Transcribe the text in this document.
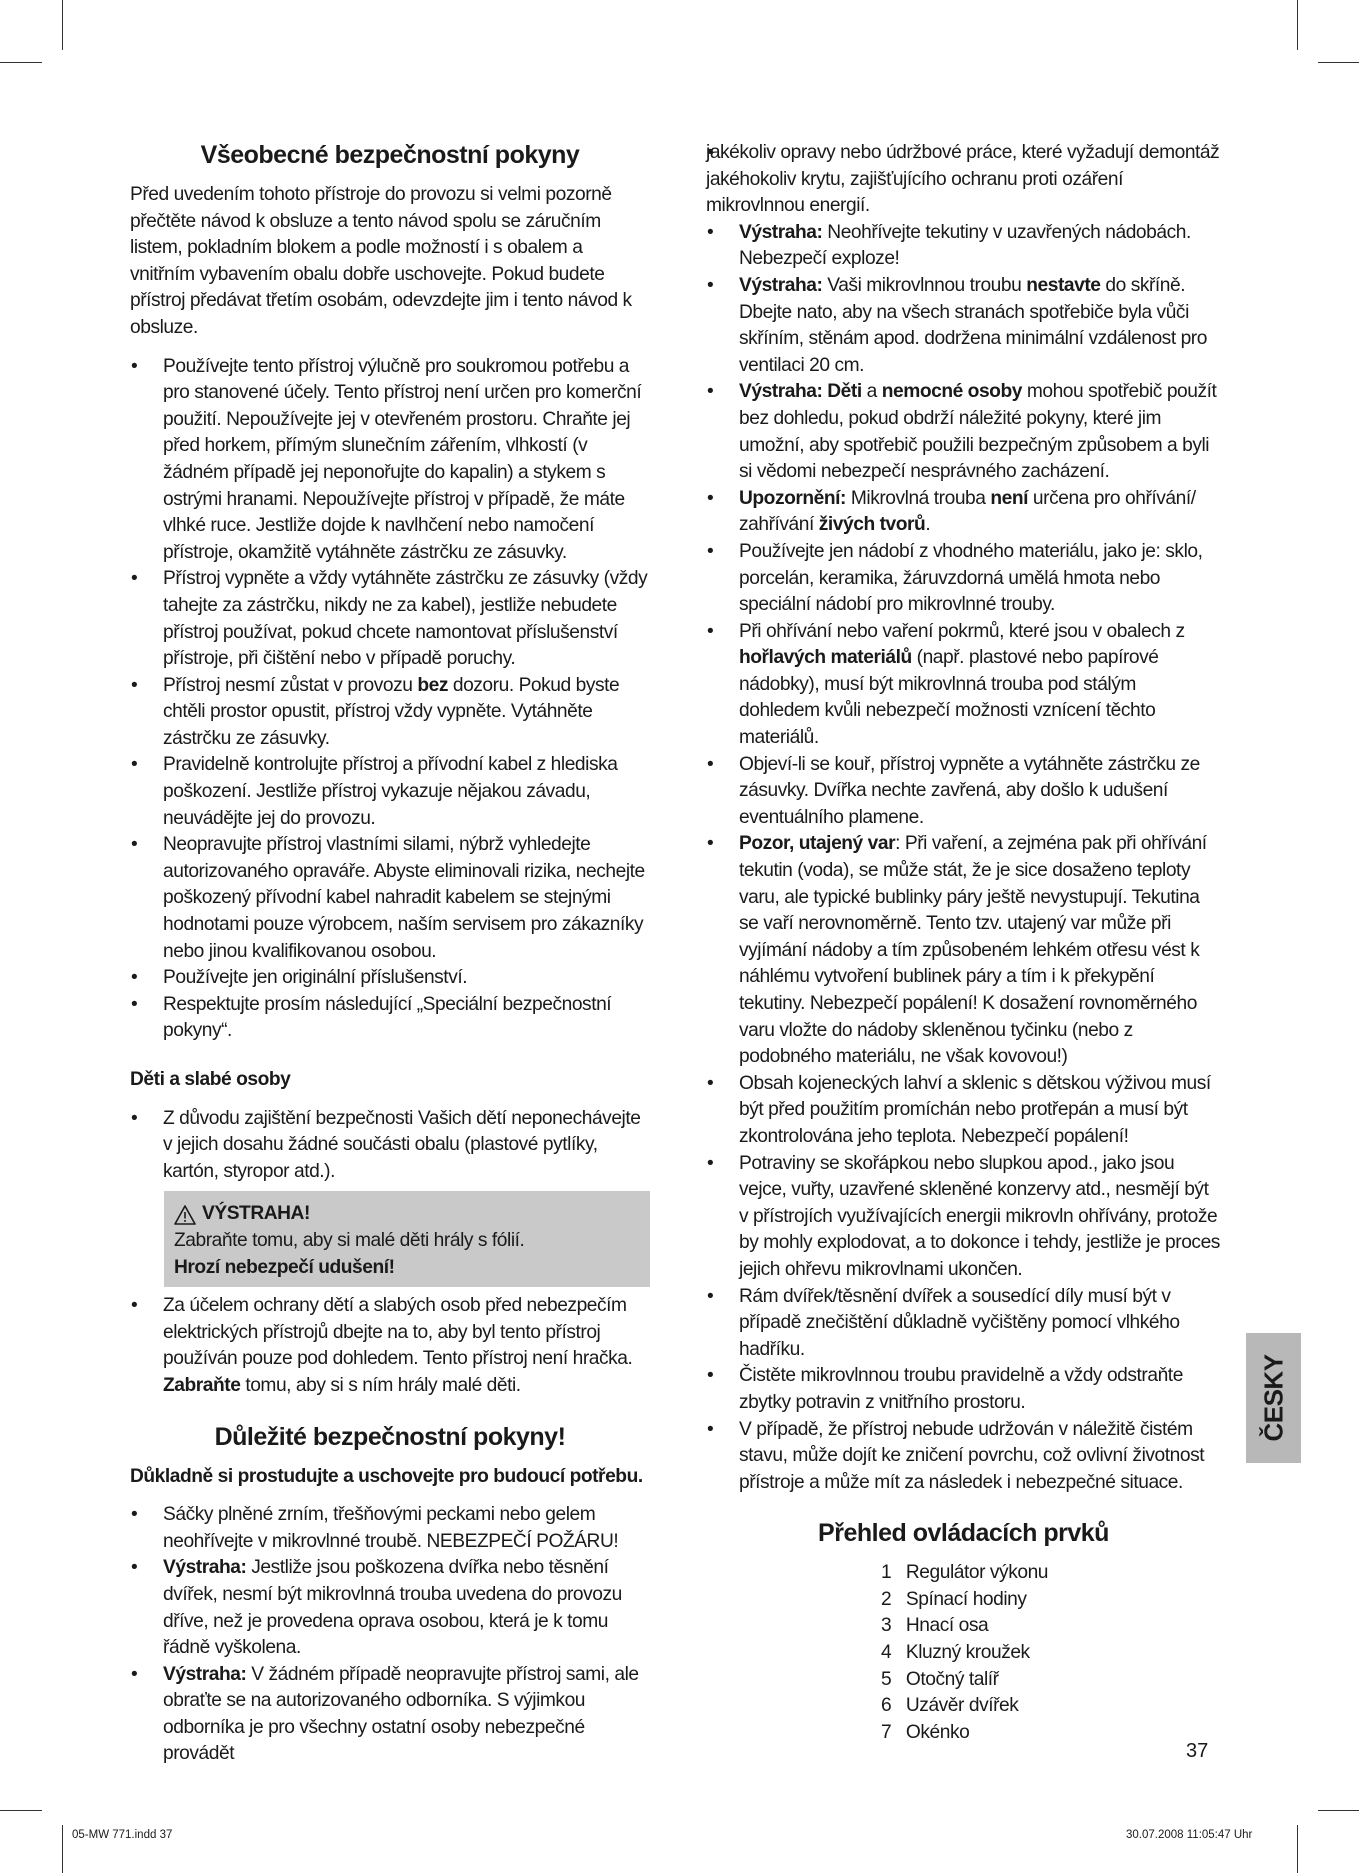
Všeobecné bezpečnostní pokyny

Před uvedením tohoto přístroje do provozu si velmi pozorně přečtěte návod k obsluze a tento návod spolu se záručním listem, pokladním blokem a podle možností i s obalem a vnitřním vybavením obalu dobře uschovejte. Pokud budete přístroj předávat třetím osobám, odevzdejte jim i tento návod k obsluze.

• Používejte tento přístroj výlučně pro soukromou potřebu a pro stanovené účely. Tento přístroj není určen pro komerční použití. Nepoužívejte jej v otevřeném prostoru. Chraňte jej před horkem, přímým slunečním zářením, vlhkostí (v žádném případě jej neponořujte do kapalin) a stykem s ostrými hranami. Nepoužívejte přístroj v případě, že máte vlhké ruce. Jestliže dojde k navlhčení nebo namočení přístroje, okamžitě vytáhněte zástrčku ze zásuvky.
• Přístroj vypněte a vždy vytáhněte zástrčku ze zásuvky (vždy tahejte za zástrčku, nikdy ne za kabel), jestliže nebudete přístroj používat, pokud chcete namontovat příslušenství přístroje, při čištění nebo v případě poruchy.
• Přístroj nesmí zůstat v provozu bez dozoru. Pokud byste chtěli prostor opustit, přístroj vždy vypněte. Vytáhněte zástrčku ze zásuvky.
• Pravidelně kontrolujte přístroj a přívodní kabel z hlediska poškození. Jestliže přístroj vykazuje nějakou závadu, neuvádějte jej do provozu.
• Neopravujte přístroj vlastními silami, nýbrž vyhledejte autorizovaného opraváře. Abyste eliminovali rizika, nechejte poškozený přívodní kabel nahradit kabelem se stejnými hodnotami pouze výrobcem, naším servisem pro zákazníky nebo jinou kvalifikovanou osobou.
• Používejte jen originální příslušenství.
• Respektujte prosím následující „Speciální bezpečnostní pokyny“.
Děti a slabé osoby
• Z důvodu zajištění bezpečnosti Vašich dětí neponechávejte v jejich dosahu žádné součásti obalu (plastové pytlíky, kartón, styropor atd.).
VÝSTRAHA!
Zabraňte tomu, aby si malé děti hrály s fólií.
Hrozí nebezpečí udušení!
• Za účelem ochrany dětí a slabých osob před nebezpečím elektrických přístrojů dbejte na to, aby byl tento přístroj používán pouze pod dohledem. Tento přístroj není hračka. Zabraňte tomu, aby si s ním hrály malé děti.
Důležité bezpečnostní pokyny!
Důkladně si prostudujte a uschovejte pro budoucí potřebu.
• Sáčky plněné zrním, třešňovými peckami nebo gelem neohřívejte v mikrovlnné troubě. NEBEZPEČÍ POŽÁRU!
• Výstraha: Jestliže jsou poškozena dvířka nebo těsnění dvířek, nesmí být mikrovlnná trouba uvedena do provozu dříve, než je provedena oprava osobou, která je k tomu řádně vyškolena.
• Výstraha: V žádném případě neopravujte přístroj sami, ale obraťte se na autorizovaného odborníka. S výjimkou odborníka je pro všechny ostatní osoby nebezpečné provádět
• jakékoliv opravy nebo údržbové práce, které vyžadují demontáž jakéhokoliv krytu, zajišťujícího ochranu proti ozáření mikrovlnnou energií.
• Výstraha: Neohřívejte tekutiny v uzavřených nádobách. Nebezpečí exploze!
• Výstraha: Vaši mikrovlnnou troubu nestavte do skříně. Dbejte nato, aby na všech stranách spotřebiče byla vůči skříním, stěnám apod. dodržena minimální vzdálenost pro ventilaci 20 cm.
• Výstraha: Děti a nemocné osoby mohou spotřebič použít bez dohledu, pokud obdrží náležité pokyny, které jim umožní, aby spotřebič použili bezpečným způsobem a byli si vědomi nebezpečí nesprávného zacházení.
• Upozornění: Mikrovlná trouba není určena pro ohřívání/ zahřívání živých tvorů.
• Používejte jen nádobí z vhodného materiálu, jako je: sklo, porcelán, keramika, žáruvzdorná umělá hmota nebo speciální nádobí pro mikrovlnné trouby.
• Při ohřívání nebo vaření pokrmů, které jsou v obalech z hořlavých materiálů (např. plastové nebo papírové nádobky), musí být mikrovlnná trouba pod stálým dohledem kvůli nebezpečí možnosti vznícení těchto materiálů.
• Objeví-li se kouř, přístroj vypněte a vytáhněte zástrčku ze zásuvky. Dvířka nechte zavřená, aby došlo k udušení eventuálního plamene.
• Pozor, utajený var: Při vaření, a zejména pak při ohřívání tekutin (voda), se může stát, že je sice dosaženo teploty varu, ale typické bublinky páry ještě nevystupují. Tekutina se vaří nerovnoměrně. Tento tzv. utajený var může při vyjímání nádoby a tím způsobeném lehkém otřesu vést k náhlému vytvoření bublinek páry a tím i k překypění tekutiny. Nebezpečí popálení! K dosažení rovnoměrného varu vložte do nádoby skleněnou tyčinku (nebo z podobného materiálu, ne však kovovou!)
• Obsah kojeneckých lahví a sklenic s dětskou výživou musí být před použitím promíchán nebo protřepán a musí být zkontrolována jeho teplota. Nebezpečí popálení!
• Potraviny se skořápkou nebo slupkou apod., jako jsou vejce, vuřty, uzavřené skleněné konzervy atd., nesmějí být v přístrojích využívajících energii mikrovln ohřívány, protože by mohly explodovat, a to dokonce i tehdy, jestliže je proces jejich ohřevu mikrovlnami ukončen.
• Rám dvířek/těsnění dvířek a sousedící díly musí být v případě znečištění důkladně vyčištěny pomocí vlhkého hadříku.
• Čistěte mikrovlnnou troubu pravidelně a vždy odstraňte zbytky potravin z vnitřního prostoru.
• V případě, že přístroj nebude udržován v náležitě čistém stavu, může dojít ke zničení povrchu, což ovlivní životnost přístroje a může mít za následek i nebezpečné situace.
Přehled ovládacích prvků
1 Regulátor výkonu
2 Spínací hodiny
3 Hnací osa
4 Kluzný kroužek
5 Otočný talíř
6 Uzávěr dvířek
7 Okénko
ČESKY
37
05-MW 771.indd 37	30.07.2008 11:05:47 Uhr
